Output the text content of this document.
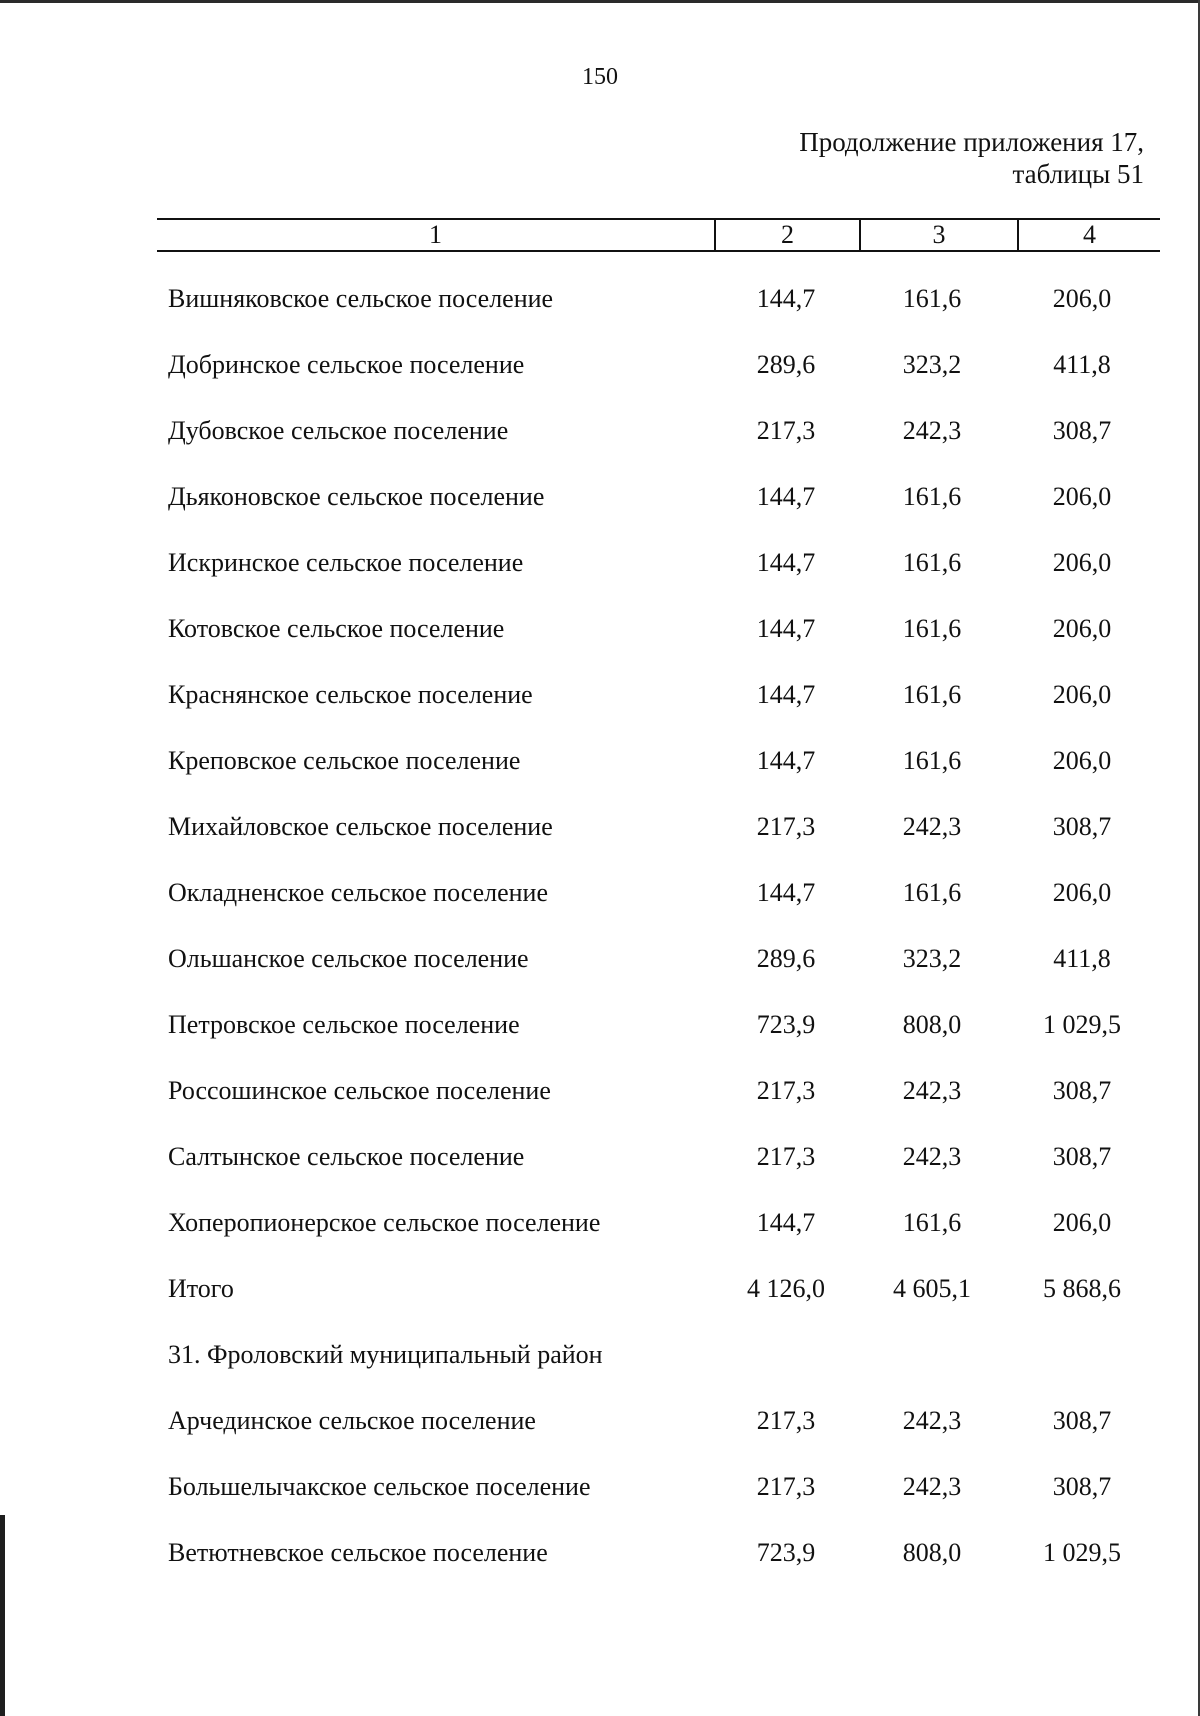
150
Продолжение приложения 17,
таблицы 51
1	2	3	4
Вишняковское сельское поселение	144,7	161,6	206,0
Добринское сельское поселение	289,6	323,2	411,8
Дубовское сельское поселение	217,3	242,3	308,7
Дьяконовское сельское поселение	144,7	161,6	206,0
Искринское сельское поселение	144,7	161,6	206,0
Котовское сельское поселение	144,7	161,6	206,0
Краснянское сельское поселение	144,7	161,6	206,0
Креповское сельское поселение	144,7	161,6	206,0
Михайловское сельское поселение	217,3	242,3	308,7
Окладненское сельское поселение	144,7	161,6	206,0
Ольшанское сельское поселение	289,6	323,2	411,8
Петровское сельское поселение	723,9	808,0	1 029,5
Россошинское сельское поселение	217,3	242,3	308,7
Салтынское сельское поселение	217,3	242,3	308,7
Хоперопионерское сельское поселение	144,7	161,6	206,0
Итого	4 126,0	4 605,1	5 868,6
31. Фроловский муниципальный район
Арчединское сельское поселение	217,3	242,3	308,7
Большелычакское сельское поселение	217,3	242,3	308,7
Ветютневское сельское поселение	723,9	808,0	1 029,5
